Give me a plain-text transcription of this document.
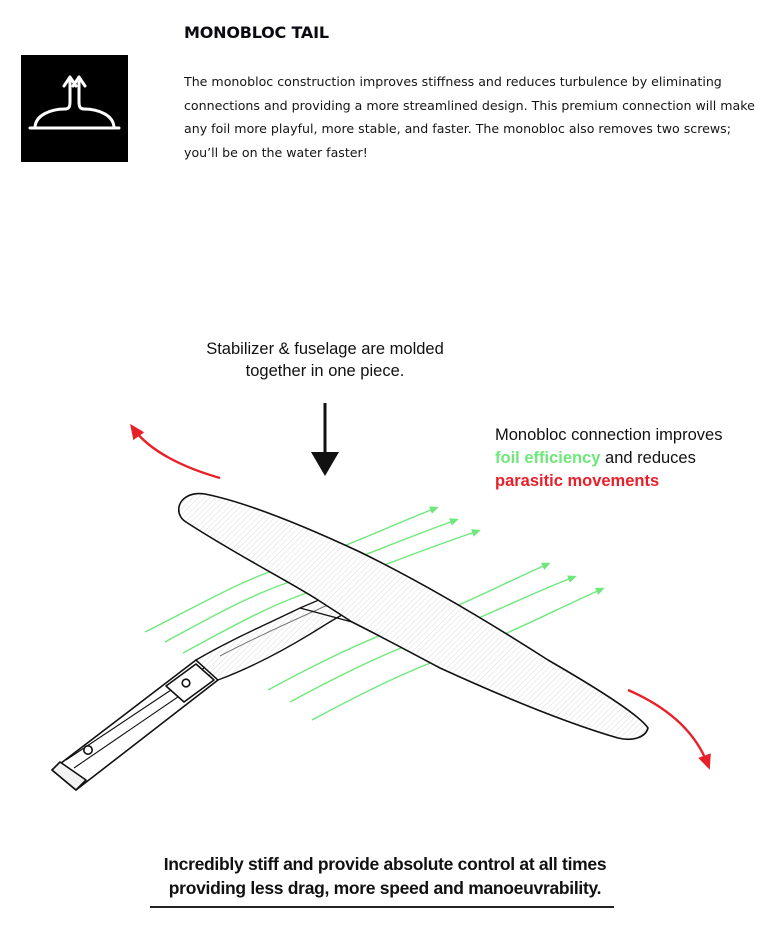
MONOBLOC TAIL

The monobloc construction improves stiffness and reduces turbulence by eliminating connections and providing a more streamlined design. This premium connection will make any foil more playful, more stable, and faster. The monobloc also removes two screws; you’ll be on the water faster!

Stabilizer & fuselage are molded
together in one piece.
Monobloc connection improves
foil efficiency and reduces
parasitic movements

Incredibly stiff and provide absolute control at all times
providing less drag, more speed and manoeuvrability.
